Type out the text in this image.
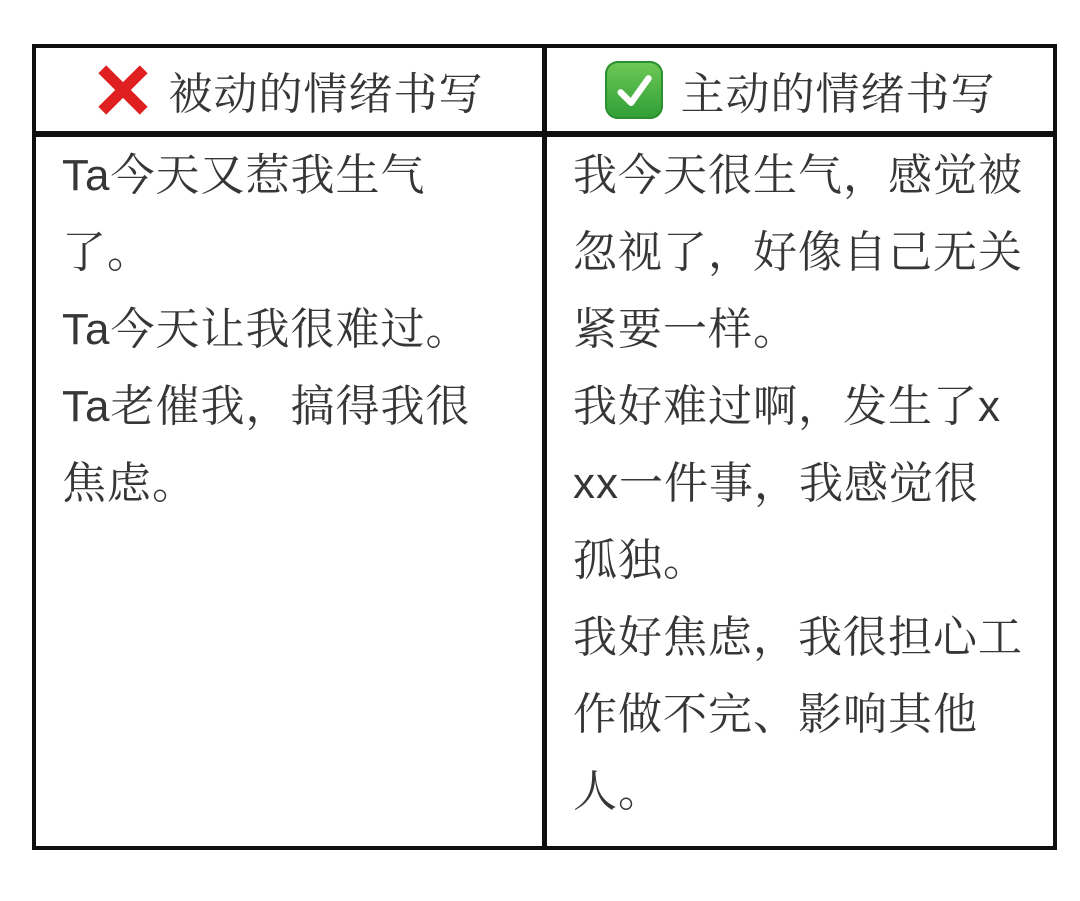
被动的情绪书写
Ta今天又惹我生气
了。
Ta今天让我很难过。
Ta老催我，搞得我很
焦虑。
主动的情绪书写
我今天很生气，感觉被
忽视了，好像自己无关
紧要一样。
我好难过啊，发生了x
xx一件事，我感觉很
孤独。
我好焦虑，我很担心工
作做不完、影响其他
人。
